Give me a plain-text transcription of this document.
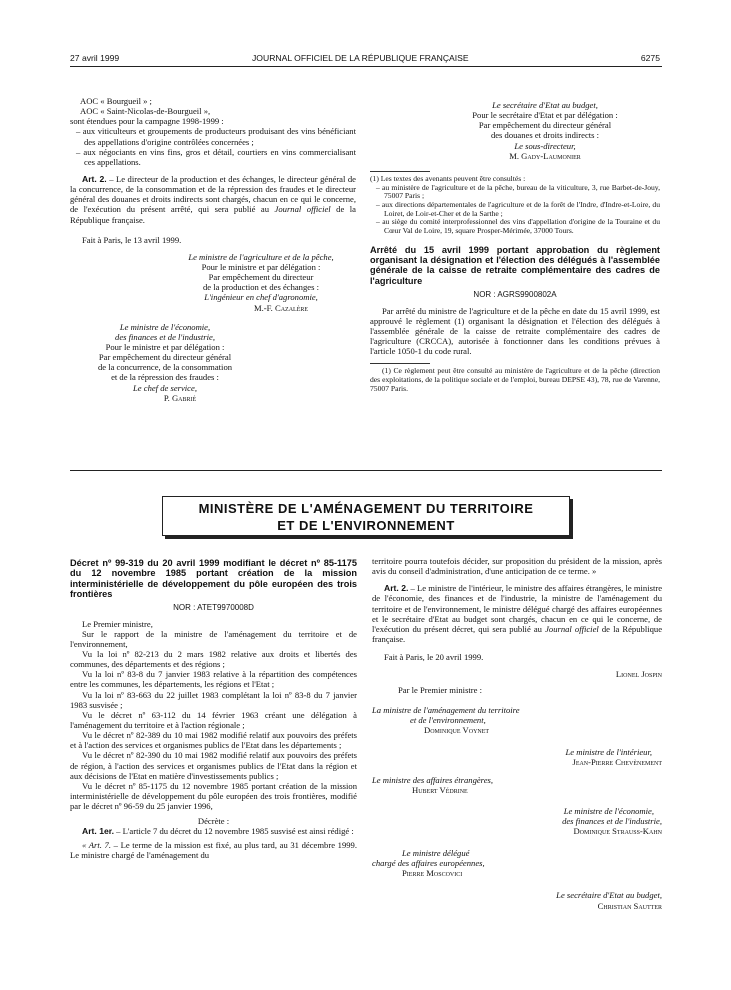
27 avril 1999	JOURNAL OFFICIEL DE LA RÉPUBLIQUE FRANÇAISE	6275

AOC « Bourgueil » ;

AOC « Saint-Nicolas-de-Bourgueil »,

sont étendues pour la campagne 1998-1999 :

– aux viticulteurs et groupements de producteurs produisant des vins bénéficiant des appellations d'origine contrôlées concernées ;

– aux négociants en vins fins, gros et détail, courtiers en vins commercialisant ces appellations.

Art. 2. – Le directeur de la production et des échanges, le directeur général de la concurrence, de la consommation et de la répression des fraudes et le directeur général des douanes et droits indirects sont chargés, chacun en ce qui le concerne, de l'exécution du présent arrêté, qui sera publié au Journal officiel de la République française.

Fait à Paris, le 13 avril 1999.

Le ministre de l'agriculture et de la pêche,

Pour le ministre et par délégation :

Par empêchement du directeur

de la production et des échanges :

L'ingénieur en chef d'agronomie,

M.-F. Cazalère

Le ministre de l'économie,

des finances et de l'industrie,

Pour le ministre et par délégation :

Par empêchement du directeur général

de la concurrence, de la consommation

et de la répression des fraudes :

Le chef de service,

P. Gabrié

Le secrétaire d'Etat au budget,

Pour le secrétaire d'Etat et par délégation :

Par empêchement du directeur général

des douanes et droits indirects :

Le sous-directeur,

M. Gady-Laumonier

(1) Les textes des avenants peuvent être consultés :

– au ministère de l'agriculture et de la pêche, bureau de la viticulture, 3, rue Barbet-de-Jouy, 75007 Paris ;

– aux directions départementales de l'agriculture et de la forêt de l'Indre, d'Indre-et-Loire, du Loiret, de Loir-et-Cher et de la Sarthe ;

– au siège du comité interprofessionnel des vins d'appellation d'origine de la Touraine et du Cœur Val de Loire, 19, square Prosper-Mérimée, 37000 Tours.

Arrêté du 15 avril 1999 portant approbation du règlement organisant la désignation et l'élection des délégués à l'assemblée générale de la caisse de retraite complémentaire des cadres de l'agriculture

NOR : AGRS9900802A

Par arrêté du ministre de l'agriculture et de la pêche en date du 15 avril 1999, est approuvé le règlement (1) organisant la désignation et l'élection des délégués à l'assemblée générale de la caisse de retraite complémentaire des cadres de l'agriculture (CRCCA), autorisée à fonctionner dans les conditions prévues à l'article 1050-1 du code rural.

(1) Ce règlement peut être consulté au ministère de l'agriculture et de la pêche (direction des exploitations, de la politique sociale et de l'emploi, bureau DEPSE 43), 78, rue de Varenne, 75007 Paris.

MINISTÈRE DE L'AMÉNAGEMENT DU TERRITOIRE
ET DE L'ENVIRONNEMENT

Décret nº 99-319 du 20 avril 1999 modifiant le décret nº 85-1175 du 12 novembre 1985 portant création de la mission interministérielle de développement du pôle européen des trois frontières

NOR : ATET9970008D

Le Premier ministre,

Sur le rapport de la ministre de l'aménagement du territoire et de l'environnement,

Vu la loi nº 82-213 du 2 mars 1982 relative aux droits et libertés des communes, des départements et des régions ;

Vu la loi nº 83-8 du 7 janvier 1983 relative à la répartition des compétences entre les communes, les départements, les régions et l'Etat ;

Vu la loi nº 83-663 du 22 juillet 1983 complétant la loi nº 83-8 du 7 janvier 1983 susvisée ;

Vu le décret nº 63-112 du 14 février 1963 créant une délégation à l'aménagement du territoire et à l'action régionale ;

Vu le décret nº 82-389 du 10 mai 1982 modifié relatif aux pouvoirs des préfets et à l'action des services et organismes publics de l'Etat dans les départements ;

Vu le décret nº 82-390 du 10 mai 1982 modifié relatif aux pouvoirs des préfets de région, à l'action des services et organismes publics de l'Etat dans la région et aux décisions de l'Etat en matière d'investissements publics ;

Vu le décret nº 85-1175 du 12 novembre 1985 portant création de la mission interministérielle de développement du pôle européen des trois frontières, modifié par le décret nº 96-59 du 25 janvier 1996,

Décrète :

Art. 1er. – L'article 7 du décret du 12 novembre 1985 susvisé est ainsi rédigé :

« Art. 7. – Le terme de la mission est fixé, au plus tard, au 31 décembre 1999. Le ministre chargé de l'aménagement du

territoire pourra toutefois décider, sur proposition du président de la mission, après avis du conseil d'administration, d'une anticipation de ce terme. »

Art. 2. – Le ministre de l'intérieur, le ministre des affaires étrangères, le ministre de l'économie, des finances et de l'industrie, la ministre de l'aménagement du territoire et de l'environnement, le ministre délégué chargé des affaires européennes et le secrétaire d'Etat au budget sont chargés, chacun en ce qui le concerne, de l'exécution du présent décret, qui sera publié au Journal officiel de la République française.

Fait à Paris, le 20 avril 1999.

Lionel Jospin

Par le Premier ministre :

La ministre de l'aménagement du territoire

et de l'environnement,

Dominique Voynet

Le ministre de l'intérieur,

Jean-Pierre Chevènement

Le ministre des affaires étrangères,

Hubert Védrine

Le ministre de l'économie,

des finances et de l'industrie,

Dominique Strauss-Kahn

Le ministre délégué

chargé des affaires européennes,

Pierre Moscovici

Le secrétaire d'Etat au budget,

Christian Sautter
